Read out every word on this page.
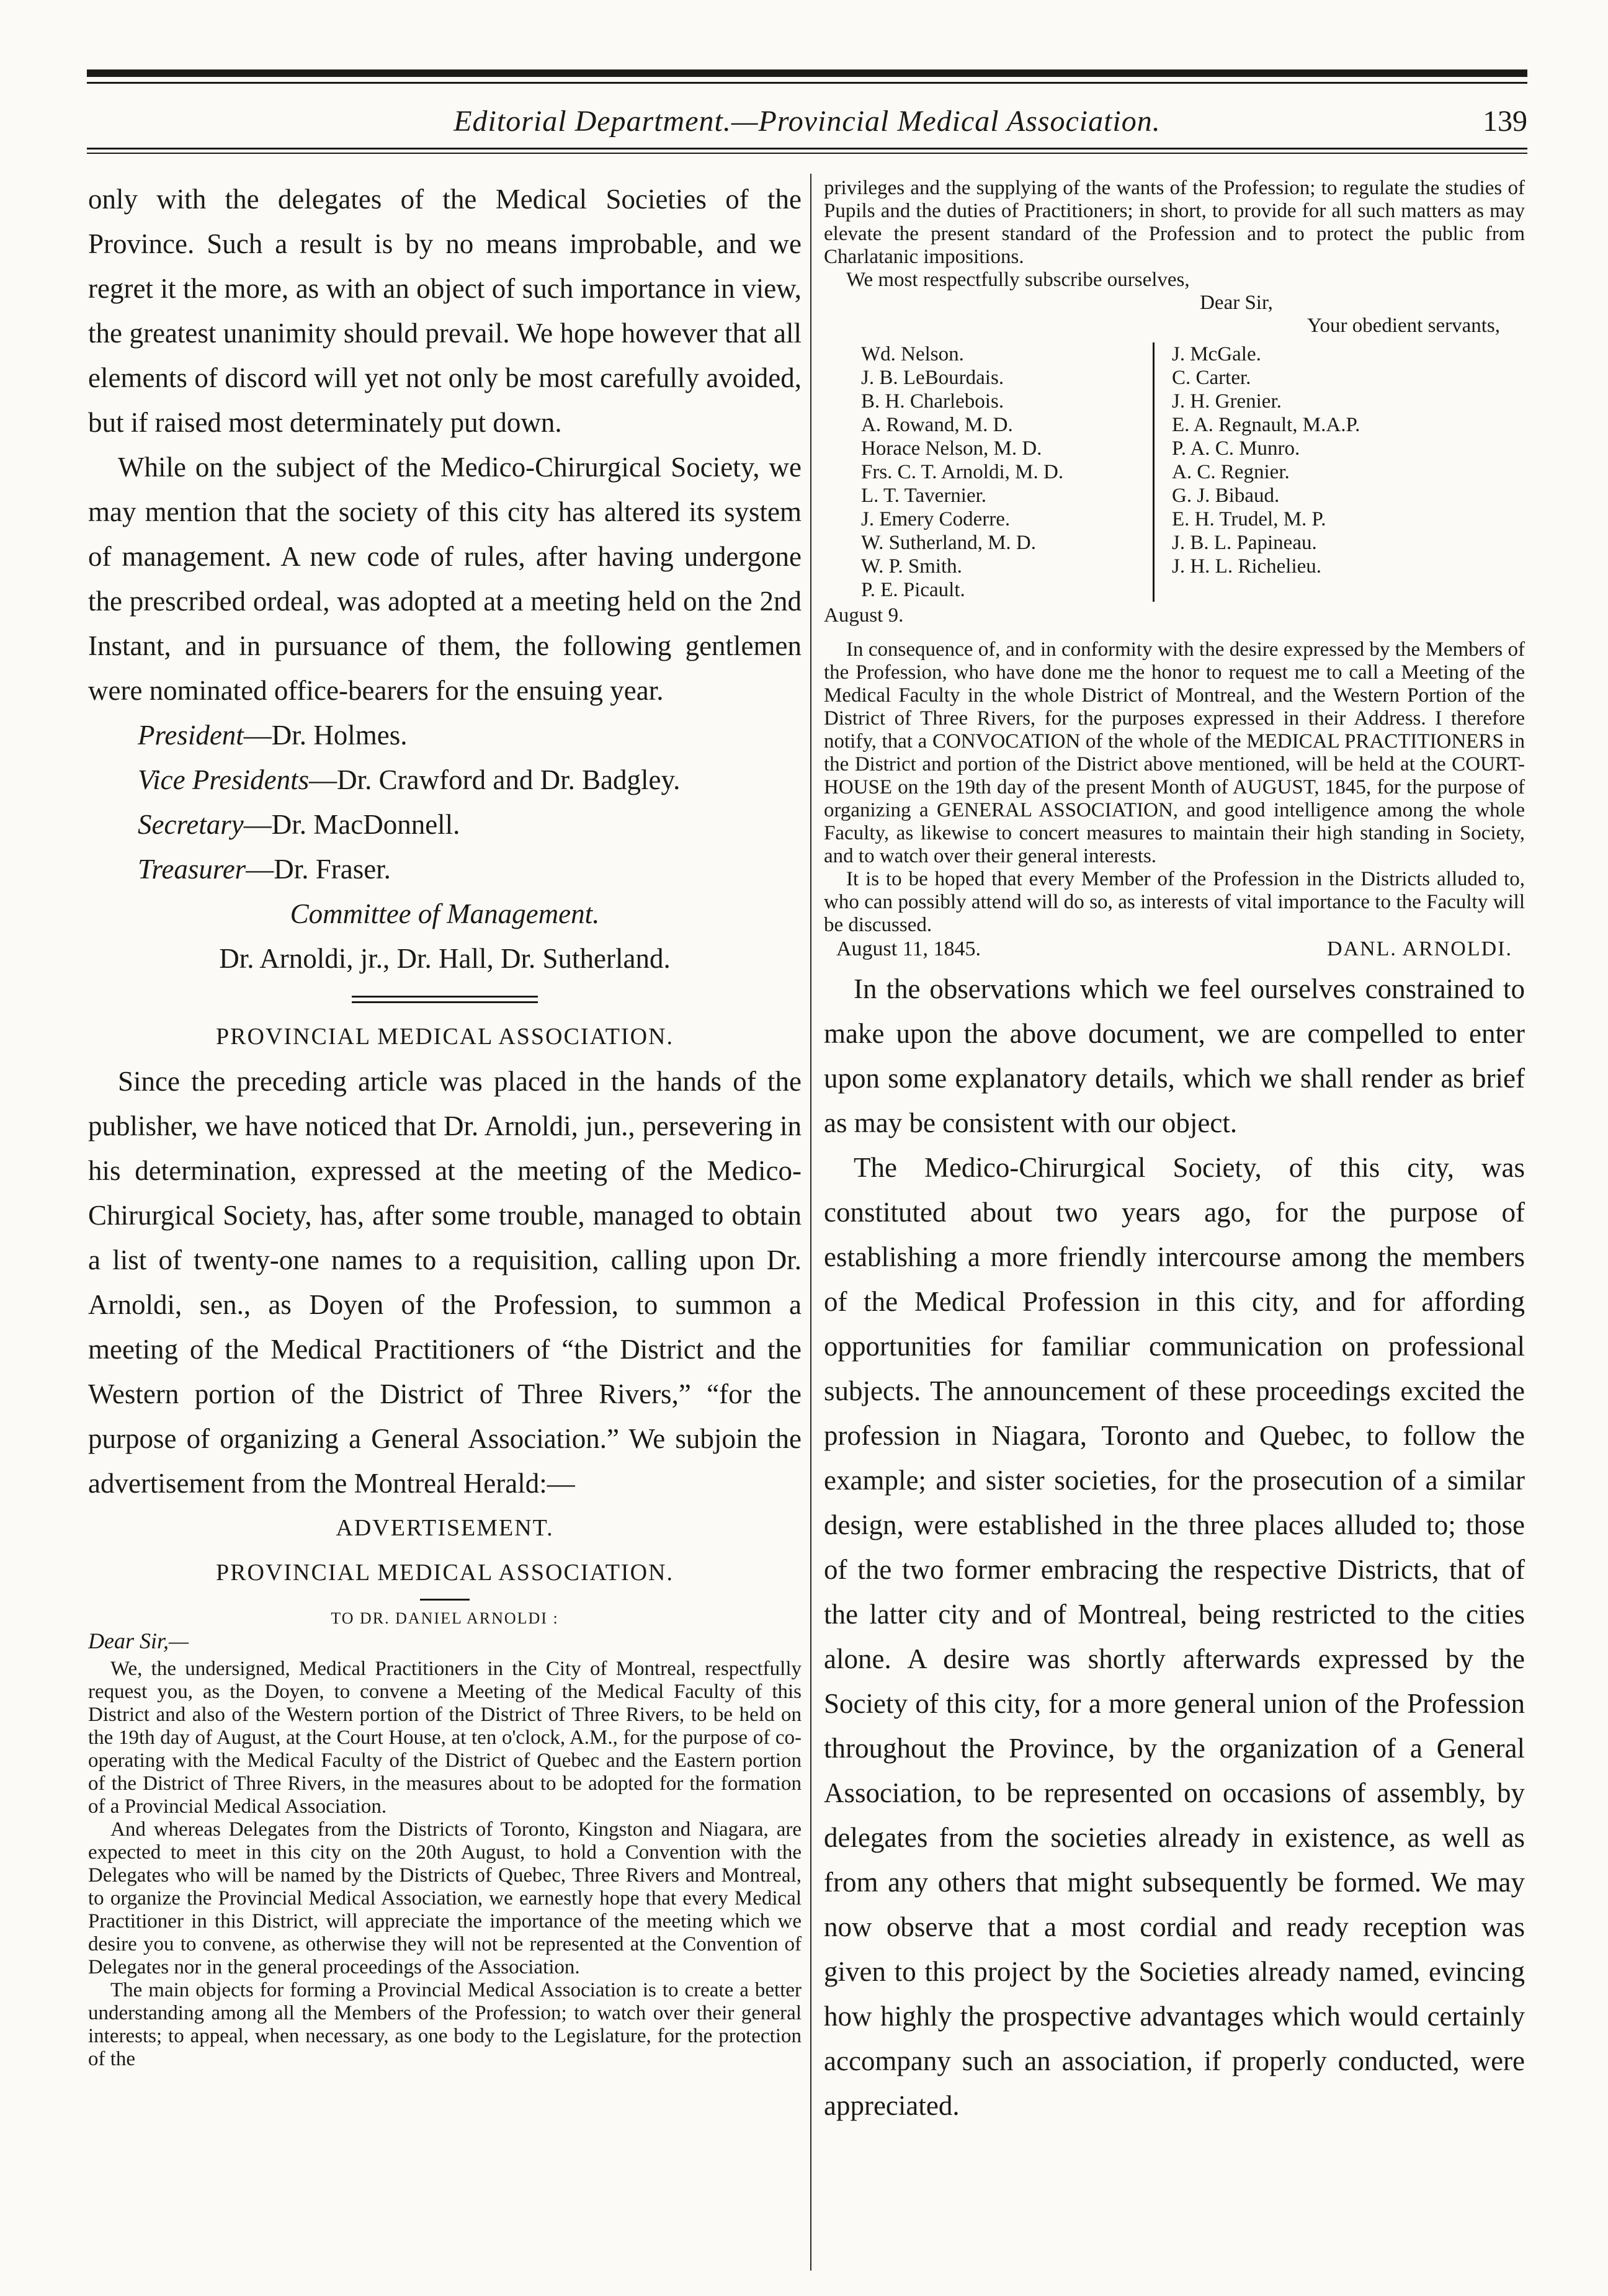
Editorial Department.—Provincial Medical Association.	139

only with the delegates of the Medical Societies of the Province. Such a result is by no means improbable, and we regret it the more, as with an object of such importance in view, the greatest unanimity should prevail. We hope however that all elements of discord will yet not only be most carefully avoided, but if raised most determinately put down.

While on the subject of the Medico-Chirurgical Society, we may mention that the society of this city has altered its system of management. A new code of rules, after having undergone the prescribed ordeal, was adopted at a meeting held on the 2nd Instant, and in pursuance of them, the following gentlemen were nominated office-bearers for the ensuing year.

President—Dr. Holmes.

Vice Presidents—Dr. Crawford and Dr. Badgley.

Secretary—Dr. MacDonnell.

Treasurer—Dr. Fraser.

Committee of Management.

Dr. Arnoldi, jr., Dr. Hall, Dr. Sutherland.

PROVINCIAL MEDICAL ASSOCIATION.

Since the preceding article was placed in the hands of the publisher, we have noticed that Dr. Arnoldi, jun., persevering in his determination, expressed at the meeting of the Medico-Chirurgical Society, has, after some trouble, managed to obtain a list of twenty-one names to a requisition, calling upon Dr. Arnoldi, sen., as Doyen of the Profession, to summon a meeting of the Medical Practitioners of “the District and the Western portion of the District of Three Rivers,” “for the purpose of organizing a General Association.” We subjoin the advertisement from the Montreal Herald:—

ADVERTISEMENT.

PROVINCIAL MEDICAL ASSOCIATION.

TO DR. DANIEL ARNOLDI :

Dear Sir,—

We, the undersigned, Medical Practitioners in the City of Montreal, respectfully request you, as the Doyen, to convene a Meeting of the Medical Faculty of this District and also of the Western portion of the District of Three Rivers, to be held on the 19th day of August, at the Court House, at ten o'clock, A.M., for the purpose of co-operating with the Medical Faculty of the District of Quebec and the Eastern portion of the District of Three Rivers, in the measures about to be adopted for the formation of a Provincial Medical Association.

And whereas Delegates from the Districts of Toronto, Kingston and Niagara, are expected to meet in this city on the 20th August, to hold a Convention with the Delegates who will be named by the Districts of Quebec, Three Rivers and Montreal, to organize the Provincial Medical Association, we earnestly hope that every Medical Practitioner in this District, will appreciate the importance of the meeting which we desire you to convene, as otherwise they will not be represented at the Convention of Delegates nor in the general proceedings of the Association.

The main objects for forming a Provincial Medical Association is to create a better understanding among all the Members of the Profession; to watch over their general interests; to appeal, when necessary, as one body to the Legislature, for the protection of the

privileges and the supplying of the wants of the Profession; to regulate the studies of Pupils and the duties of Practitioners; in short, to provide for all such matters as may elevate the present standard of the Profession and to protect the public from Charlatanic impositions.

We most respectfully subscribe ourselves,

Dear Sir,

Your obedient servants,

Wd. Nelson.
J. B. LeBourdais.
B. H. Charlebois.
A. Rowand, M. D.
Horace Nelson, M. D.
Frs. C. T. Arnoldi, M. D.
L. T. Tavernier.
J. Emery Coderre.
W. Sutherland, M. D.
W. P. Smith.
P. E. Picault.
J. McGale.
C. Carter.
J. H. Grenier.
E. A. Regnault, M.A.P.
P. A. C. Munro.
A. C. Regnier.
G. J. Bibaud.
E. H. Trudel, M. P.
J. B. L. Papineau.
J. H. L. Richelieu.

August 9.

In consequence of, and in conformity with the desire expressed by the Members of the Profession, who have done me the honor to request me to call a Meeting of the Medical Faculty in the whole District of Montreal, and the Western Portion of the District of Three Rivers, for the purposes expressed in their Address. I therefore notify, that a CONVOCATION of the whole of the MEDICAL PRACTITIONERS in the District and portion of the District above mentioned, will be held at the COURT-HOUSE on the 19th day of the present Month of AUGUST, 1845, for the purpose of organizing a GENERAL ASSOCIATION, and good intelligence among the whole Faculty, as likewise to concert measures to maintain their high standing in Society, and to watch over their general interests.

It is to be hoped that every Member of the Profession in the Districts alluded to, who can possibly attend will do so, as interests of vital importance to the Faculty will be discussed.

August 11, 1845.	DANL. ARNOLDI.

In the observations which we feel ourselves constrained to make upon the above document, we are compelled to enter upon some explanatory details, which we shall render as brief as may be consistent with our object.

The Medico-Chirurgical Society, of this city, was constituted about two years ago, for the purpose of establishing a more friendly intercourse among the members of the Medical Profession in this city, and for affording opportunities for familiar communication on professional subjects. The announcement of these proceedings excited the profession in Niagara, Toronto and Quebec, to follow the example; and sister societies, for the prosecution of a similar design, were established in the three places alluded to; those of the two former embracing the respective Districts, that of the latter city and of Montreal, being restricted to the cities alone. A desire was shortly afterwards expressed by the Society of this city, for a more general union of the Profession throughout the Province, by the organization of a General Association, to be represented on occasions of assembly, by delegates from the societies already in existence, as well as from any others that might subsequently be formed. We may now observe that a most cordial and ready reception was given to this project by the Societies already named, evincing how highly the prospective advantages which would certainly accompany such an association, if properly conducted, were appreciated.
